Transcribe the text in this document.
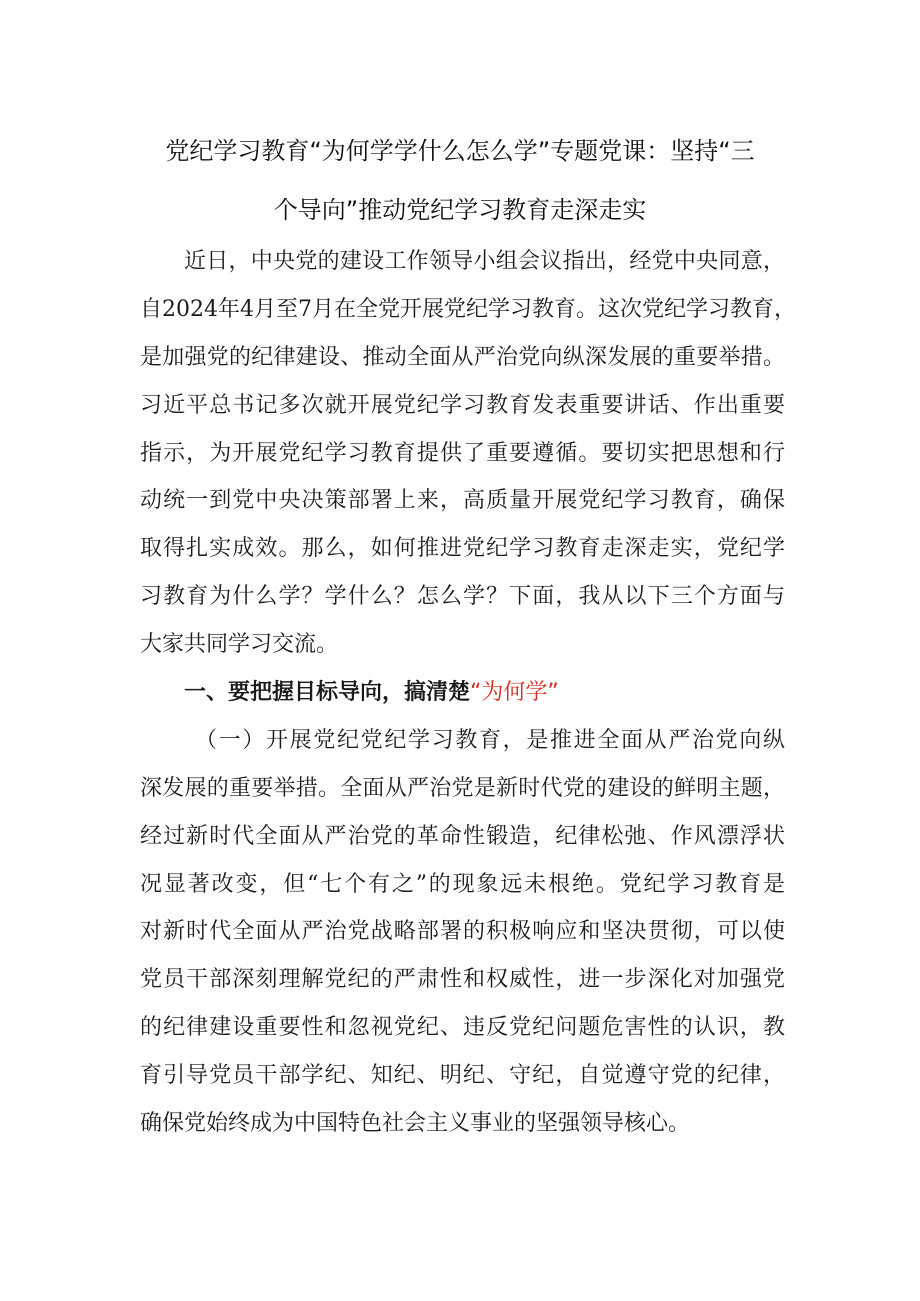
党纪学习教育“为何学学什么怎么学”专题党课：坚持“三
个导向”推动党纪学习教育走深走实
近日，中央党的建设工作领导小组会议指出，经党中央同意，
自2024年4月至7月在全党开展党纪学习教育。这次党纪学习教育，
是加强党的纪律建设、推动全面从严治党向纵深发展的重要举措。
习近平总书记多次就开展党纪学习教育发表重要讲话、作出重要
指示，为开展党纪学习教育提供了重要遵循。要切实把思想和行
动统一到党中央决策部署上来，高质量开展党纪学习教育，确保
取得扎实成效。那么，如何推进党纪学习教育走深走实，党纪学
习教育为什么学？学什么？怎么学？下面，我从以下三个方面与
大家共同学习交流。
一、要把握目标导向，搞清楚“为何学”
（一）开展党纪党纪学习教育，是推进全面从严治党向纵
深发展的重要举措。全面从严治党是新时代党的建设的鲜明主题，
经过新时代全面从严治党的革命性锻造，纪律松弛、作风漂浮状
况显著改变，但“七个有之”的现象远未根绝。党纪学习教育是
对新时代全面从严治党战略部署的积极响应和坚决贯彻，可以使
党员干部深刻理解党纪的严肃性和权威性，进一步深化对加强党
的纪律建设重要性和忽视党纪、违反党纪问题危害性的认识，教
育引导党员干部学纪、知纪、明纪、守纪，自觉遵守党的纪律，
确保党始终成为中国特色社会主义事业的坚强领导核心。
